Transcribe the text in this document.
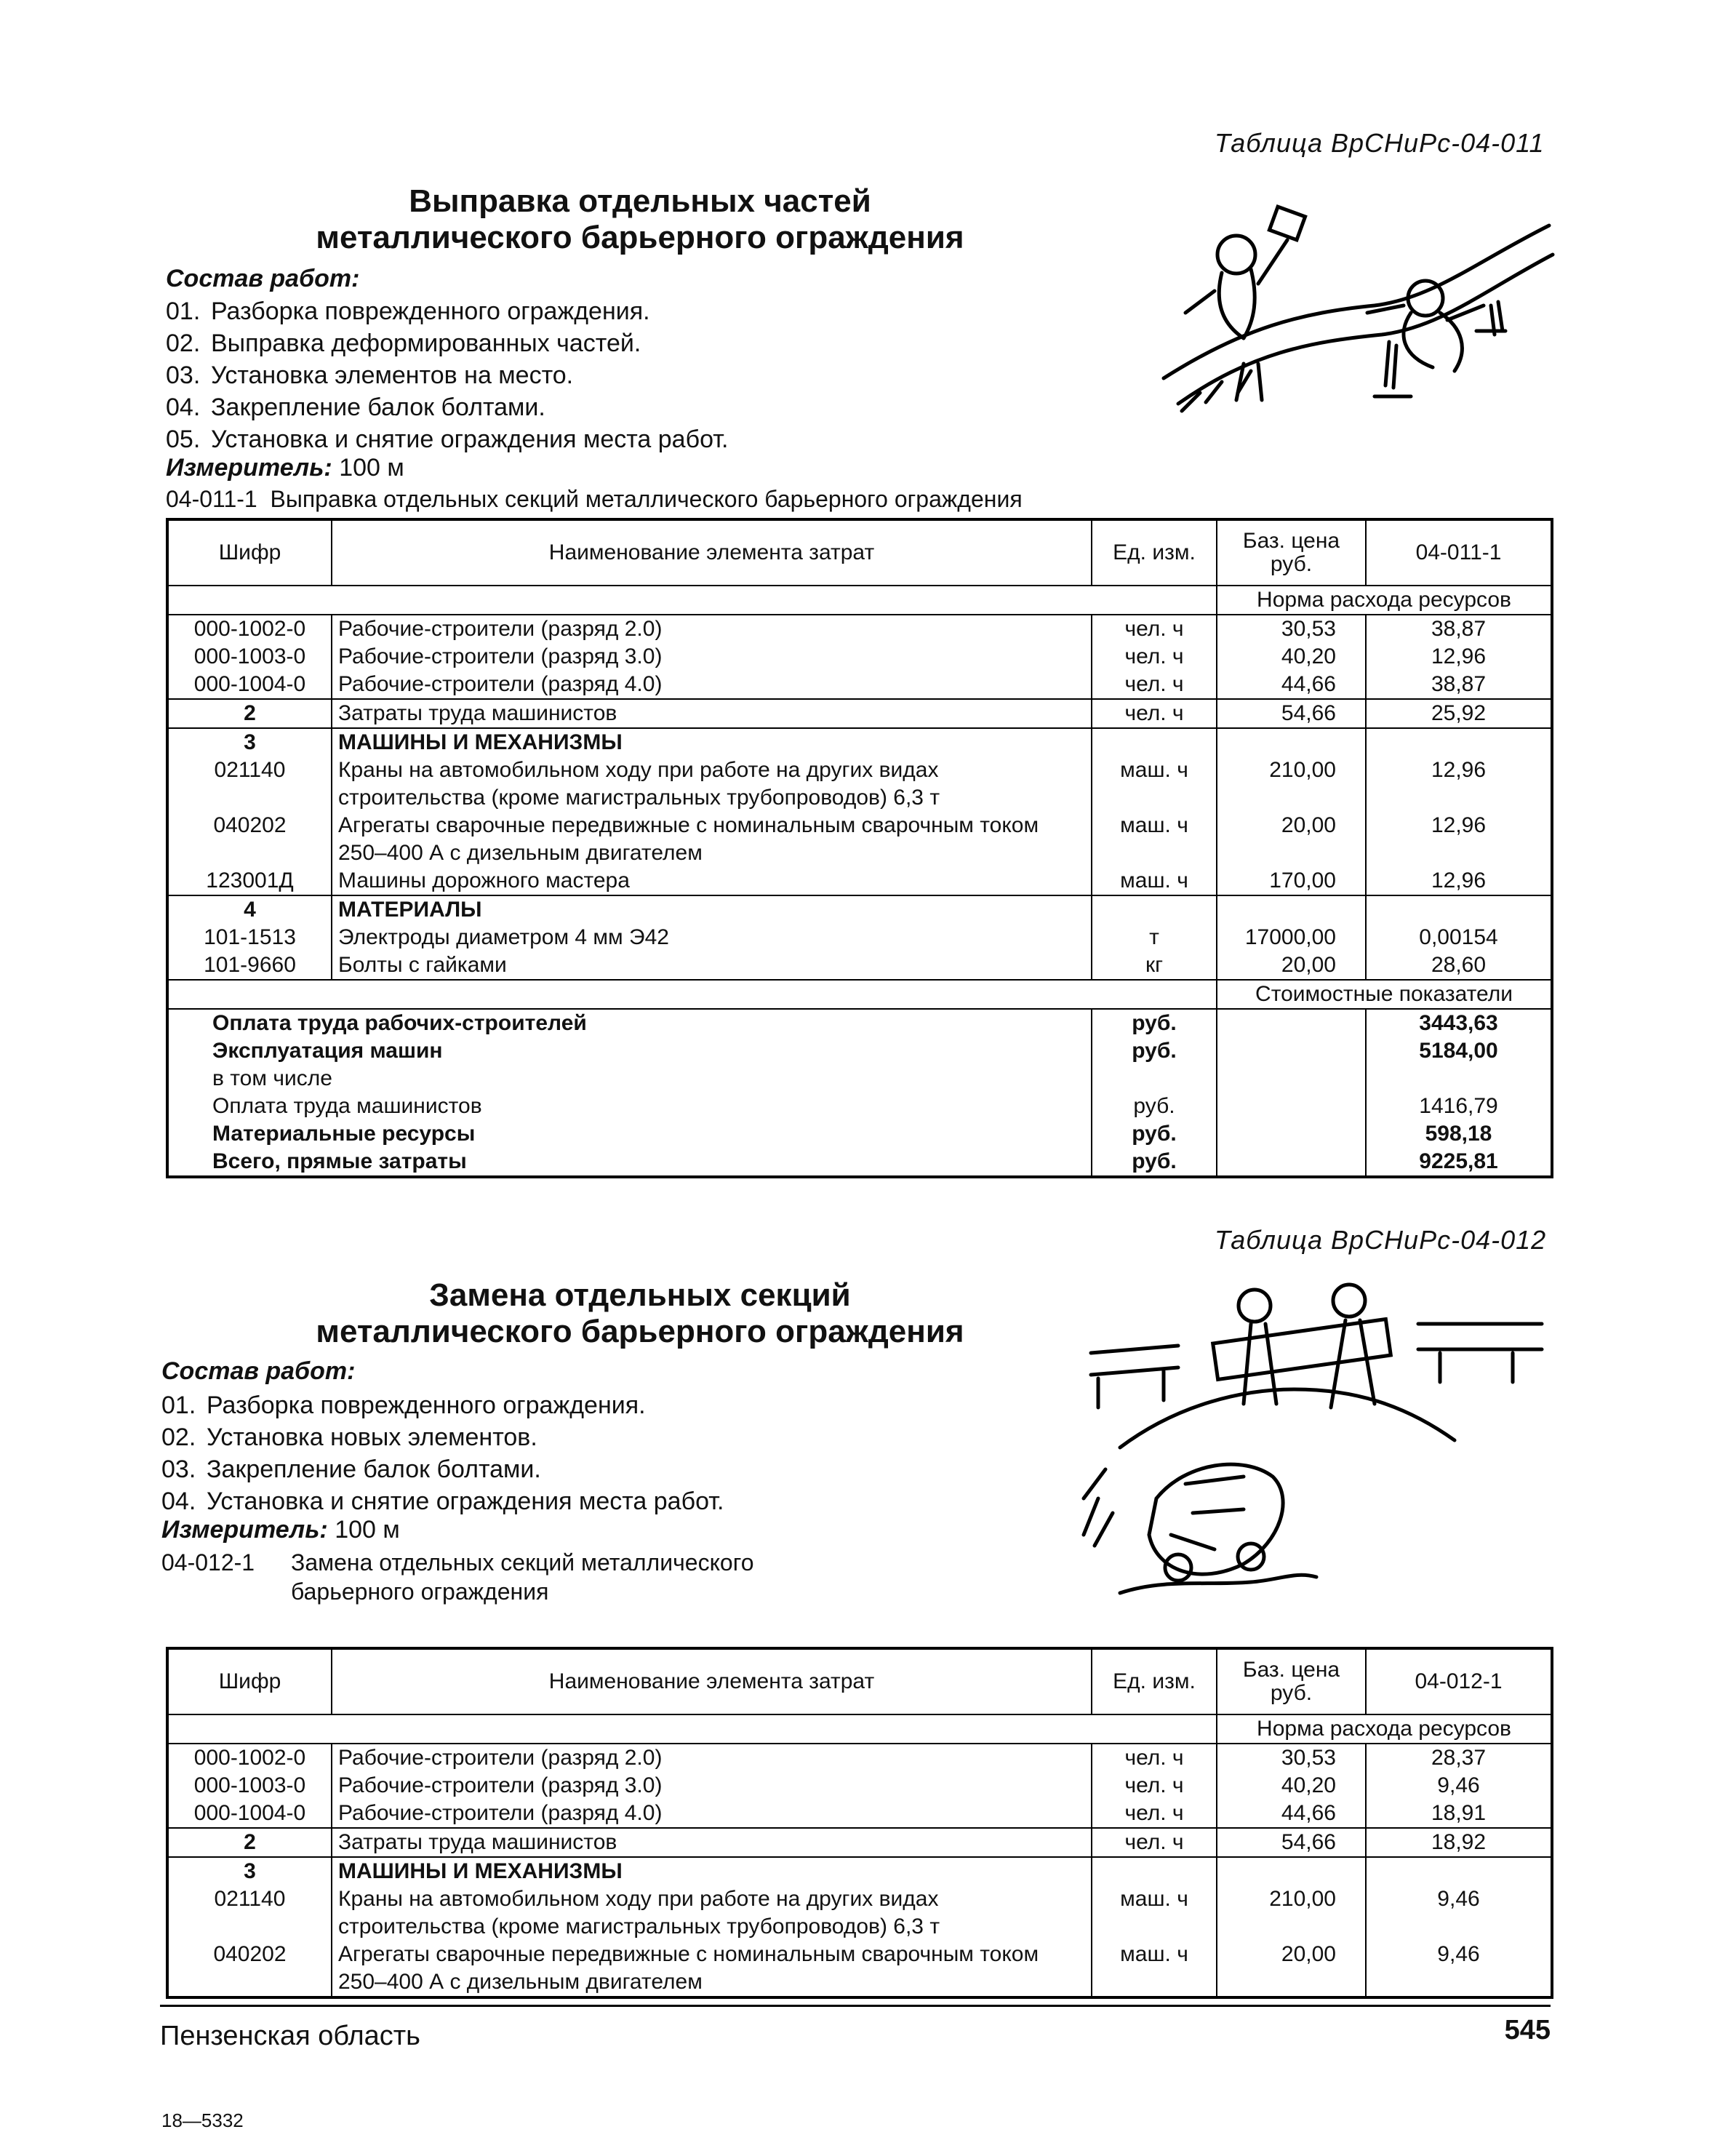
Таблица ВрСНиРс-04-011
Выправка отдельных частей
металлического барьерного ограждения
Состав работ:
01. Разборка поврежденного ограждения.
02. Выправка деформированных частей.
03. Установка элементов на место.
04. Закрепление балок болтами.
05. Установка и снятие ограждения места работ.
Измеритель: 100 м
04-011-1 Выправка отдельных секций металлического барьерного ограждения
Шифр	Наименование элемента затрат	Ед. изм.	Баз. цена руб.	04-011-1
			Норма расхода ресурсов	
000-1002-0	Рабочие-строители (разряд 2.0)	чел. ч	30,53	38,87
000-1003-0	Рабочие-строители (разряд 3.0)	чел. ч	40,20	12,96
000-1004-0	Рабочие-строители (разряд 4.0)	чел. ч	44,66	38,87
2	Затраты труда машинистов	чел. ч	54,66	25,92
3	МАШИНЫ И МЕХАНИЗМЫ			
021140	Краны на автомобильном ходу при работе на других видах строительства (кроме магистральных трубопроводов) 6,3 т	маш. ч	210,00	12,96
040202	Агрегаты сварочные передвижные с номинальным сварочным током 250–400 А с дизельным двигателем	маш. ч	20,00	12,96
123001Д	Машины дорожного мастера	маш. ч	170,00	12,96
4	МАТЕРИАЛЫ			
101-1513	Электроды диаметром 4 мм Э42	т	17000,00	0,00154
101-9660	Болты с гайками	кг	20,00	28,60
			Стоимостные показатели	
Оплата труда рабочих-строителей		руб.		3443,63
Эксплуатация машин		руб.		5184,00
в том числе				
Оплата труда машинистов		руб.		1416,79
Материальные ресурсы		руб.		598,18
Всего, прямые затраты		руб.		9225,81
Таблица ВрСНиРс-04-012
Замена отдельных секций
металлического барьерного ограждения
Состав работ:
01. Разборка поврежденного ограждения.
02. Установка новых элементов.
03. Закрепление балок болтами.
04. Установка и снятие ограждения места работ.
Измеритель: 100 м
04-012-1 Замена отдельных секций металлического
барьерного ограждения
Шифр	Наименование элемента затрат	Ед. изм.	Баз. цена руб.	04-012-1
			Норма расхода ресурсов	
000-1002-0	Рабочие-строители (разряд 2.0)	чел. ч	30,53	28,37
000-1003-0	Рабочие-строители (разряд 3.0)	чел. ч	40,20	9,46
000-1004-0	Рабочие-строители (разряд 4.0)	чел. ч	44,66	18,91
2	Затраты труда машинистов	чел. ч	54,66	18,92
3	МАШИНЫ И МЕХАНИЗМЫ			
021140	Краны на автомобильном ходу при работе на других видах строительства (кроме магистральных трубопроводов) 6,3 т	маш. ч	210,00	9,46
040202	Агрегаты сварочные передвижные с номинальным сварочным током 250–400 А с дизельным двигателем	маш. ч	20,00	9,46
Пензенская область	545
18—5332
